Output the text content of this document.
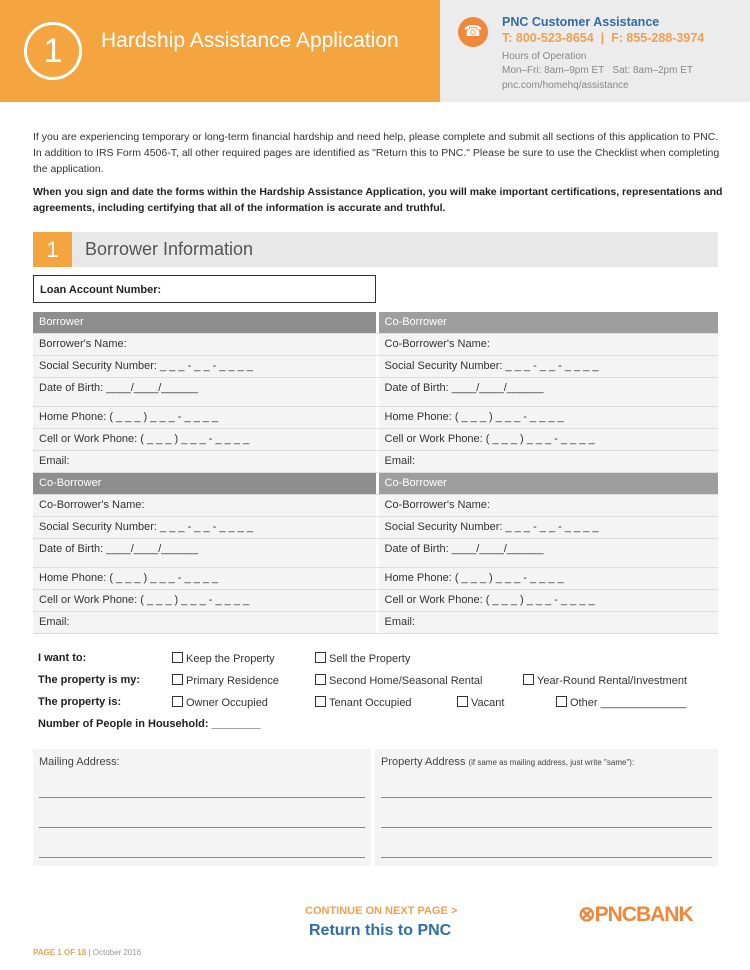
1	Hardship Assistance Application	☎
PNC Customer Assistance
T: 800-523-8654  |  F: 855-288-3974
Hours of Operation
Mon–Fri: 8am–9pm ET   Sat: 8am–2pm ET
pnc.com/homehq/assistance
If you are experiencing temporary or long-term financial hardship and need help, please complete and submit all sections of this application to PNC. In addition to IRS Form 4506-T, all other required pages are identified as "Return this to PNC." Please be sure to use the Checklist when completing the application.
When you sign and date the forms within the Hardship Assistance Application, you will make important certifications, representations and agreements, including certifying that all of the information is accurate and truthful.
1	Borrower Information
Loan Account Number:
Borrower	Co-Borrower
Borrower's Name:	Co-Borrower's Name:
Social Security Number: _ _ _ - _ _ - _ _ _ _	Social Security Number: _ _ _ - _ _ - _ _ _ _
Date of Birth: ____/____/______	Date of Birth: ____/____/______
Home Phone: ( _ _ _ ) _ _ _ - _ _ _ _	Home Phone: ( _ _ _ ) _ _ _ - _ _ _ _
Cell or Work Phone: ( _ _ _ ) _ _ _ - _ _ _ _	Cell or Work Phone: ( _ _ _ ) _ _ _ - _ _ _ _
Email:	Email:
Co-Borrower	Co-Borrower
Co-Borrower's Name:	Co-Borrower's Name:
Social Security Number: _ _ _ - _ _ - _ _ _ _	Social Security Number: _ _ _ - _ _ - _ _ _ _
Date of Birth: ____/____/______	Date of Birth: ____/____/______
Home Phone: ( _ _ _ ) _ _ _ - _ _ _ _	Home Phone: ( _ _ _ ) _ _ _ - _ _ _ _
Cell or Work Phone: ( _ _ _ ) _ _ _ - _ _ _ _	Cell or Work Phone: ( _ _ _ ) _ _ _ - _ _ _ _
Email:	Email:
I want to:	Keep the Property	Sell the Property
The property is my:	Primary Residence	Second Home/Seasonal Rental	Year-Round Rental/Investment
The property is:	Owner Occupied	Tenant Occupied	Vacant	Other ______________
Number of People in Household: ________
Mailing Address:	Property Address (if same as mailing address, just write "same"):
CONTINUE ON NEXT PAGE >
Return this to PNC
⊗PNCBANK
PAGE 1 OF 18 | October 2016
